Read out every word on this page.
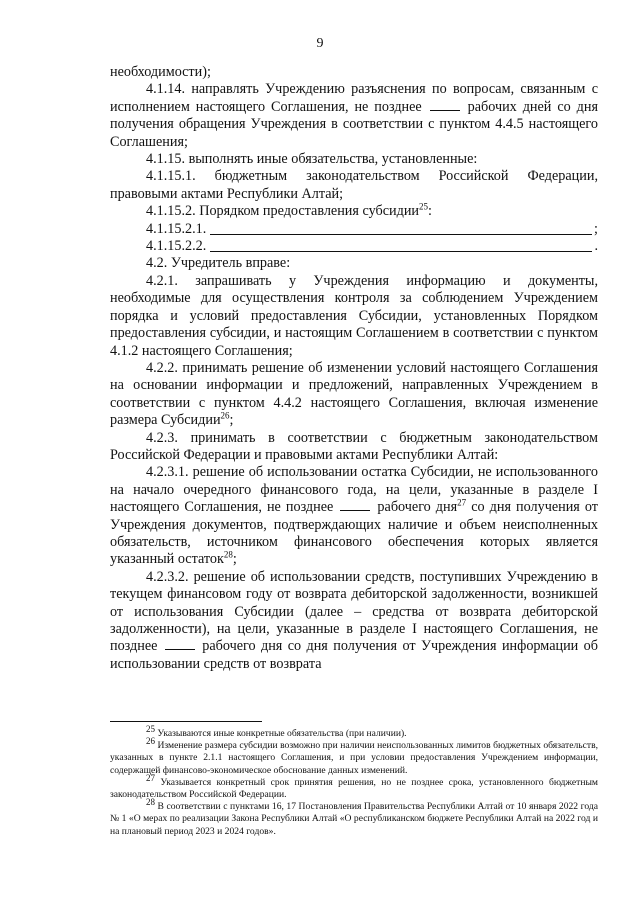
9

необходимости);

4.1.14. направлять Учреждению разъяснения по вопросам, связанным с исполнением настоящего Соглашения, не позднее  рабочих дней со дня получения обращения Учреждения в соответствии с пунктом 4.4.5 настоящего Соглашения;

4.1.15. выполнять иные обязательства, установленные:

4.1.15.1. бюджетным законодательством Российской Федерации, правовыми актами Республики Алтай;

4.1.15.2. Порядком предоставления субсидии$^{25}$:

4.1.15.2.1.	;
4.1.15.2.2.	.

4.2. Учредитель вправе:

4.2.1. запрашивать у Учреждения информацию и документы, необходимые для осуществления контроля за соблюдением Учреждением порядка и условий предоставления Субсидии, установленных Порядком предоставления субсидии, и настоящим Соглашением в соответствии с пунктом 4.1.2 настоящего Соглашения;

4.2.2. принимать решение об изменении условий настоящего Соглашения на основании информации и предложений, направленных Учреждением в соответствии с пунктом 4.4.2 настоящего Соглашения, включая изменение размера Субсидии$^{26}$;

4.2.3. принимать в соответствии с бюджетным законодательством Российской Федерации и правовыми актами Республики Алтай:

4.2.3.1. решение об использовании остатка Субсидии, не использованного на начало очередного финансового года, на цели, указанные в разделе I настоящего Соглашения, не позднее  рабочего дня$^{27}$ со дня получения от Учреждения документов, подтверждающих наличие и объем неисполненных обязательств, источником финансового обеспечения которых является указанный остаток$^{28}$;

4.2.3.2. решение об использовании средств, поступивших Учреждению в текущем финансовом году от возврата дебиторской задолженности, возникшей от использования Субсидии (далее – средства от возврата дебиторской задолженности), на цели, указанные в разделе I настоящего Соглашения, не позднее  рабочего дня со дня получения от Учреждения информации об использовании средств от возврата

$^{25}$ Указываются иные конкретные обязательства (при наличии).

$^{26}$ Изменение размера субсидии возможно при наличии неиспользованных лимитов бюджетных обязательств, указанных в пункте 2.1.1 настоящего Соглашения, и при условии предоставления Учреждением информации, содержащей финансово-экономическое обоснование данных изменений.

$^{27}$ Указывается конкретный срок принятия решения, но не позднее срока, установленного бюджетным законодательством Российской Федерации.

$^{28}$ В соответствии с пунктами 16, 17 Постановления Правительства Республики Алтай от 10 января 2022 года № 1 «О мерах по реализации Закона Республики Алтай «О республиканском бюджете Республики Алтай на 2022 год и на плановый период 2023 и 2024 годов».
